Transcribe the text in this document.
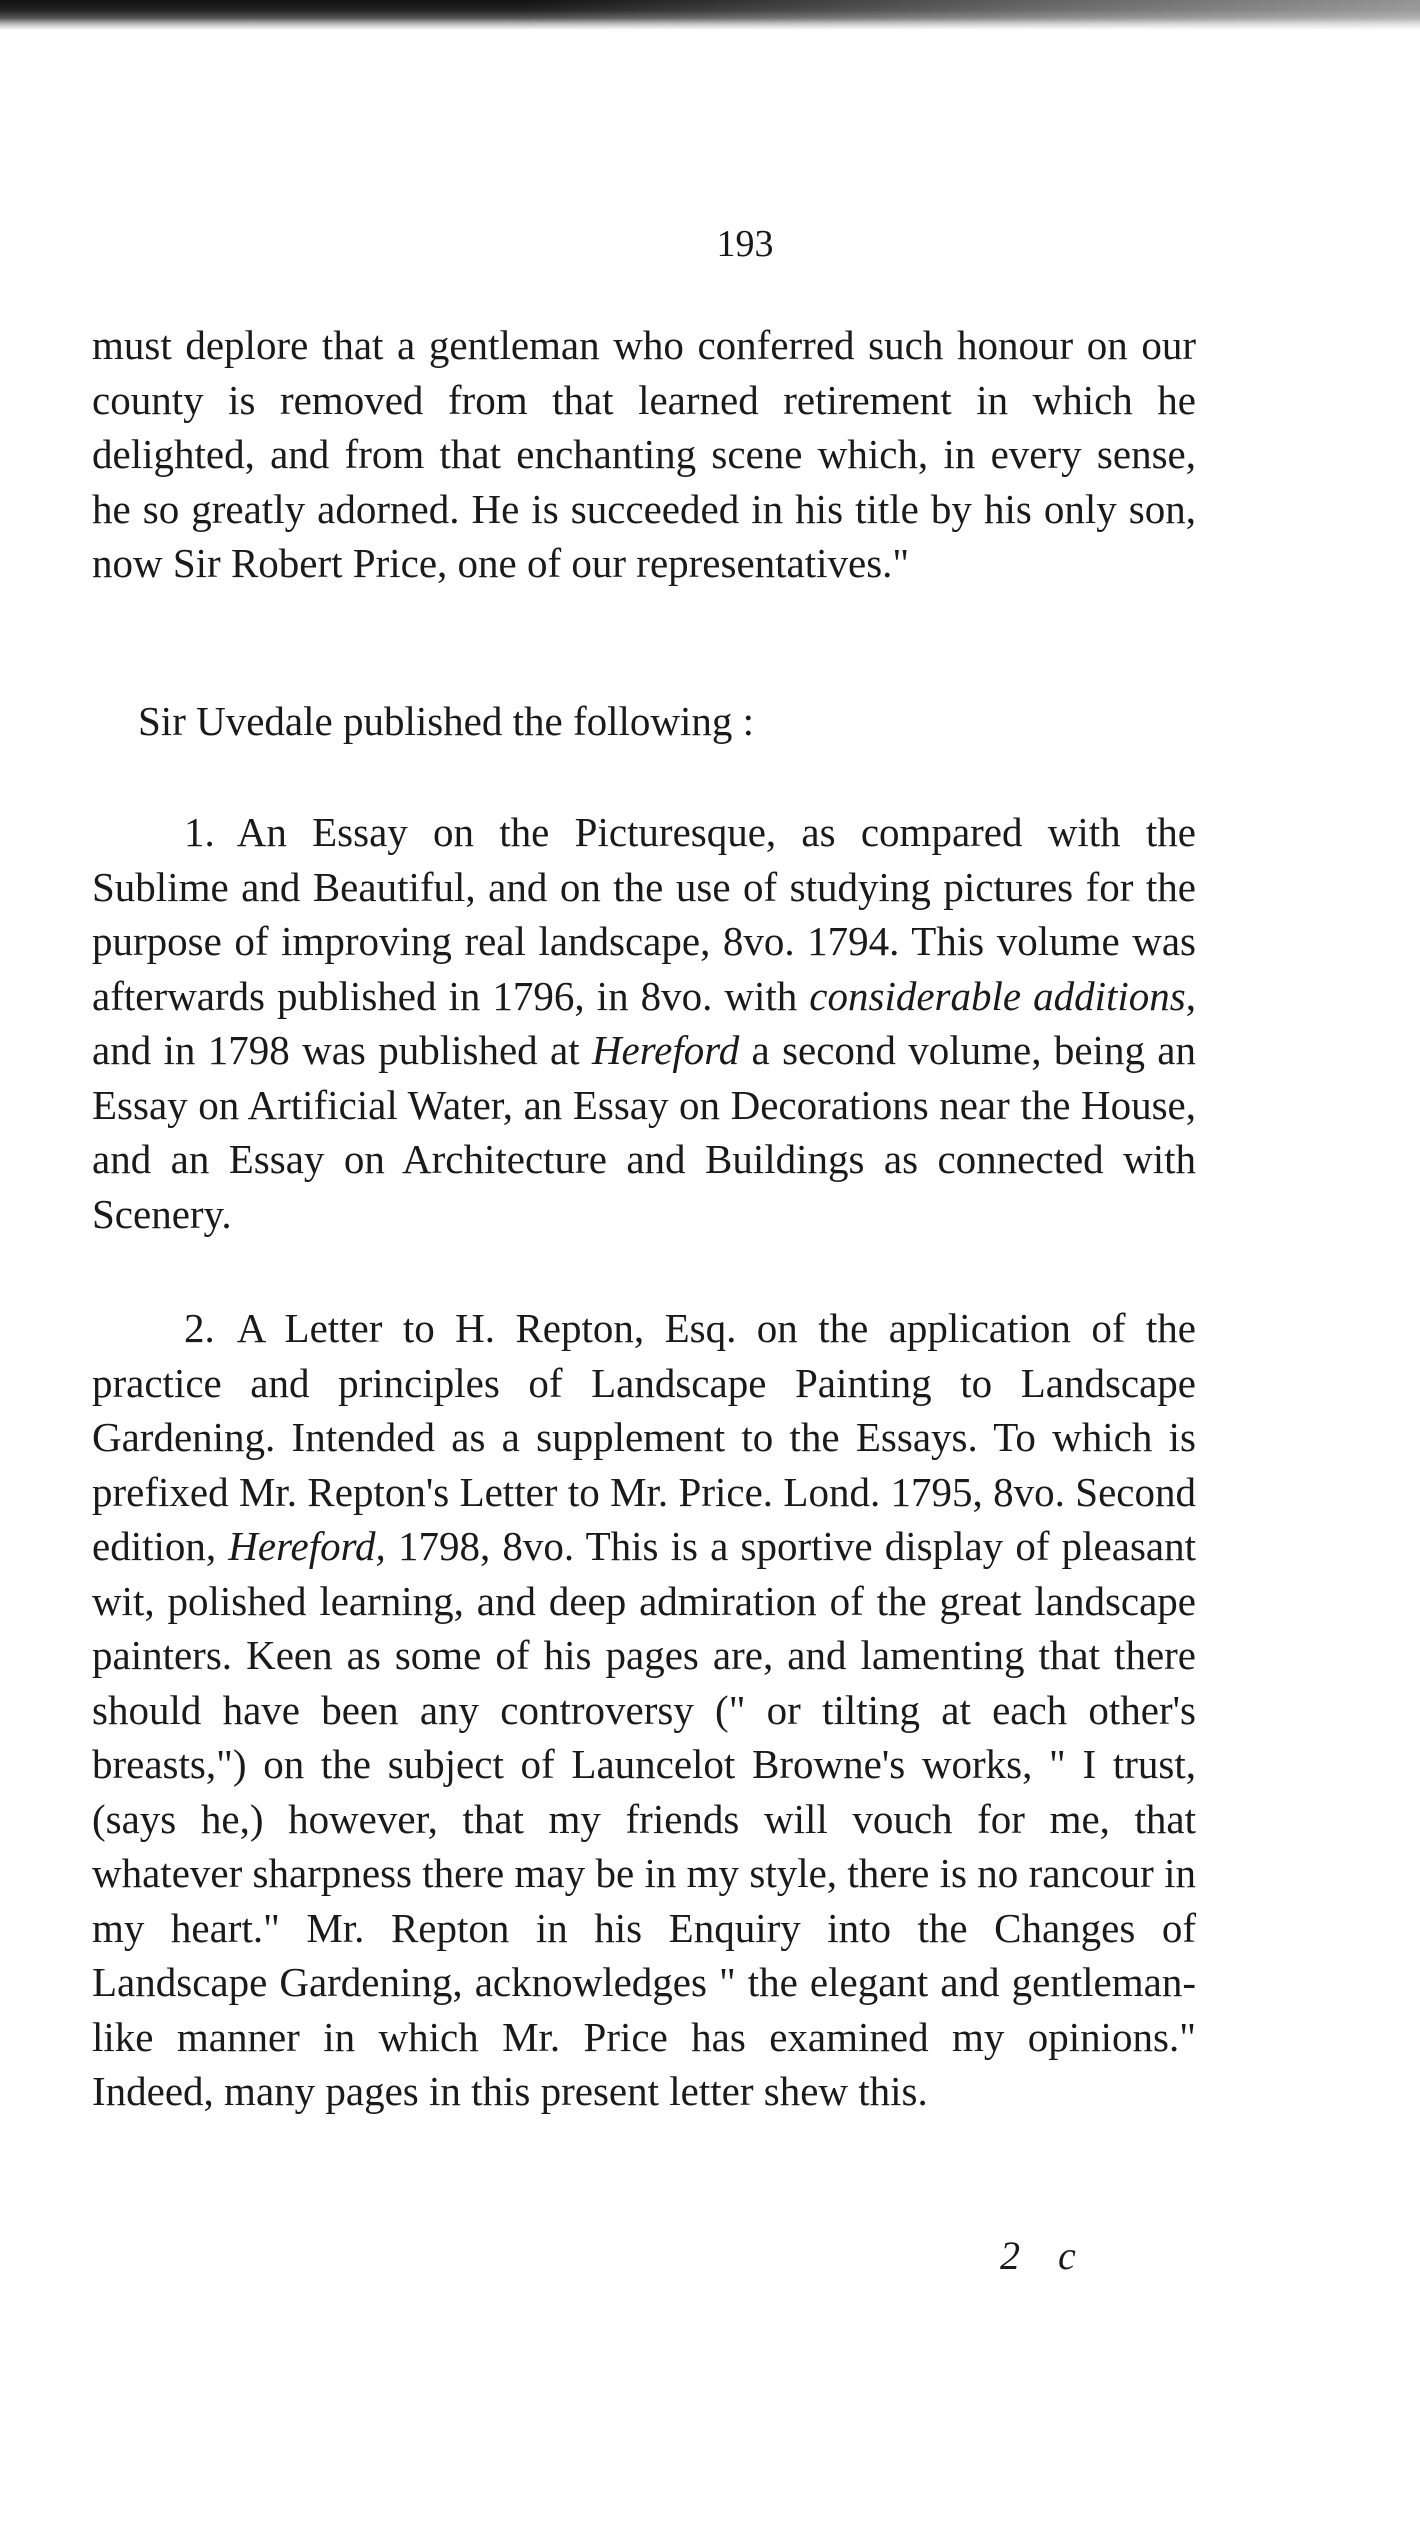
193

must deplore that a gentleman who conferred such honour on our county is removed from that learned retirement in which he delighted, and from that enchanting scene which, in every sense, he so greatly adorned. He is succeeded in his title by his only son, now Sir Robert Price, one of our representatives."

Sir Uvedale published the following :

1. An Essay on the Picturesque, as compared with the Sublime and Beautiful, and on the use of studying pictures for the purpose of improving real landscape, 8vo. 1794. This volume was afterwards published in 1796, in 8vo. with considerable additions, and in 1798 was published at Hereford a second volume, being an Essay on Artificial Water, an Essay on Decorations near the House, and an Essay on Architecture and Buildings as connected with Scenery.

2. A Letter to H. Repton, Esq. on the application of the practice and principles of Landscape Painting to Landscape Gardening. Intended as a supplement to the Essays. To which is prefixed Mr. Repton's Letter to Mr. Price. Lond. 1795, 8vo. Second edition, Hereford, 1798, 8vo. This is a sportive display of pleasant wit, polished learning, and deep admiration of the great landscape painters. Keen as some of his pages are, and lamenting that there should have been any controversy (" or tilting at each other's breasts,") on the subject of Launcelot Browne's works, " I trust, (says he,) however, that my friends will vouch for me, that whatever sharpness there may be in my style, there is no rancour in my heart." Mr. Repton in his Enquiry into the Changes of Landscape Gardening, acknowledges " the elegant and gentleman-like manner in which Mr. Price has examined my opinions." Indeed, many pages in this present letter shew this.

2 c
